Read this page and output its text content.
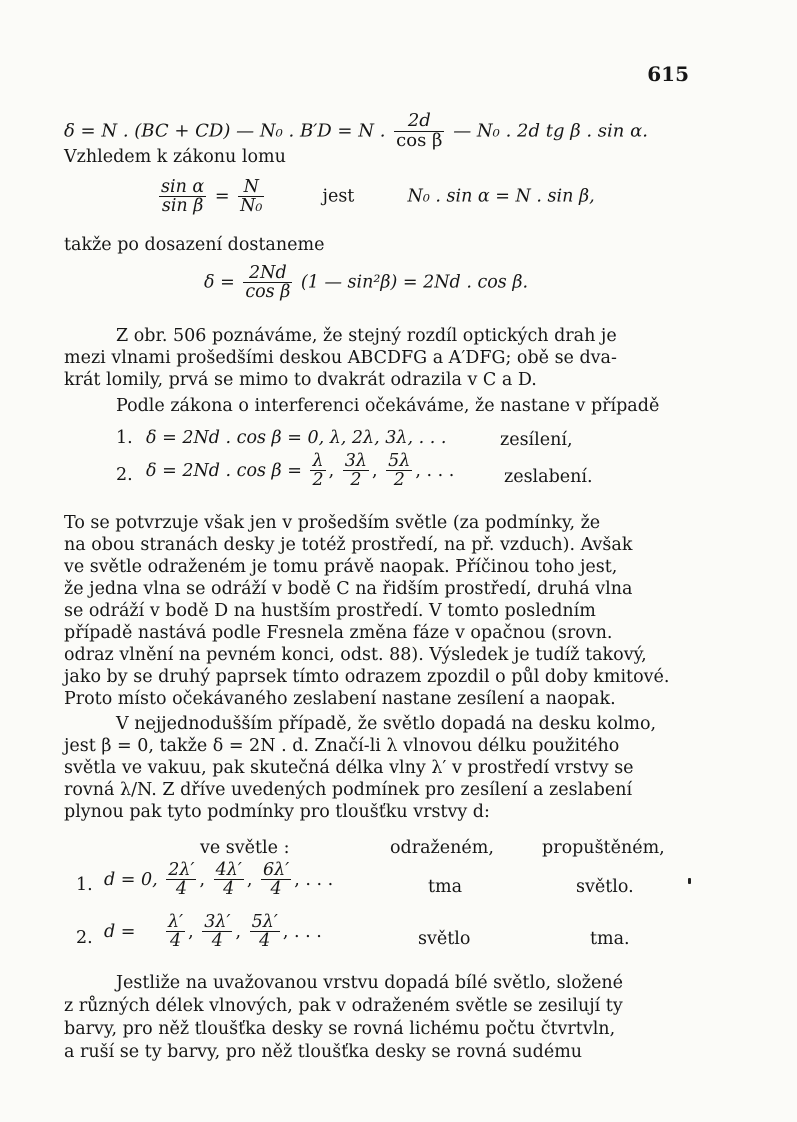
615
δ = N . (BC + CD) — N₀ . B′D = N . $\frac{2d}{\text{cos β}}$ — N₀ . 2d tg β . sin α.
Vzhledem k zákonu lomu
$\frac{\text{sin α}}{\text{sin β}} = \frac{N}{\text{N₀}}$	jest	N₀ . sin α = N . sin β,
takže po dosazení dostaneme
$\delta = \frac{2Nd}{\text{cos β}} (1$ — sin²β) = 2Nd . cos β.
Z obr. 506 poznáváme, že stejný rozdíl optických drah je
mezi vlnami prošedšími deskou ABCDFG a A′DFG; obě se dva-
krát lomily, prvá se mimo to dvakrát odrazila v C a D.
Podle zákona o interferenci očekáváme, že nastane v případě
1. δ = 2Nd . cos β = 0, λ, 2λ, 3λ, . . .	zesílení,
2. δ = 2Nd . $\cos \beta = \frac{\lambda}{2}$ , $\frac{3\lambda}{2}$ , $\frac{5\lambda}{2}$ , . . .	zeslabení.
To se potvrzuje však jen v prošedším světle (za podmínky, že
na obou stranách desky je totéž prostředí, na př. vzduch). Avšak
ve světle odraženém je tomu právě naopak. Příčinou toho jest,
že jedna vlna se odráží v bodě C na řidším prostředí, druhá vlna
se odráží v bodě D na hustším prostředí. V tomto posledním
případě nastává podle Fresnela změna fáze v opačnou (srovn.
odraz vlnění na pevném konci, odst. 88). Výsledek je tudíž takový,
jako by se druhý paprsek tímto odrazem zpozdil o půl doby kmitové.
Proto místo očekávaného zeslabení nastane zesílení a naopak.
V nejjednodušším případě, že světlo dopadá na desku kolmo,
jest β = 0, takže δ = 2N . d. Značí-li λ vlnovou délku použitého
světla ve vakuu, pak skutečná délka vlny λ′ v prostředí vrstvy se
rovná λ/N. Z dříve uvedených podmínek pro zesílení a zeslabení
plynou pak tyto podmínky pro tloušťku vrstvy d:
ve světle :	odraženém,	propuštěném,
1. d = 0, $\frac{2\lambda'}{4}$ , $\frac{4\lambda'}{4}$ , $\frac{6\lambda'}{4}$ , . . .	tma	světlo.
2. $d = \frac{\lambda'}{4}$ , $\frac{3\lambda'}{4}$ , $\frac{5\lambda'}{4}$ , . . .	světlo	tma.
Jestliže na uvažovanou vrstvu dopadá bílé světlo, složené
z různých délek vlnových, pak v odraženém světle se zesilují ty
barvy, pro něž tloušťka desky se rovná lichému počtu čtvrtvln,
a ruší se ty barvy, pro něž tloušťka desky se rovná sudému
